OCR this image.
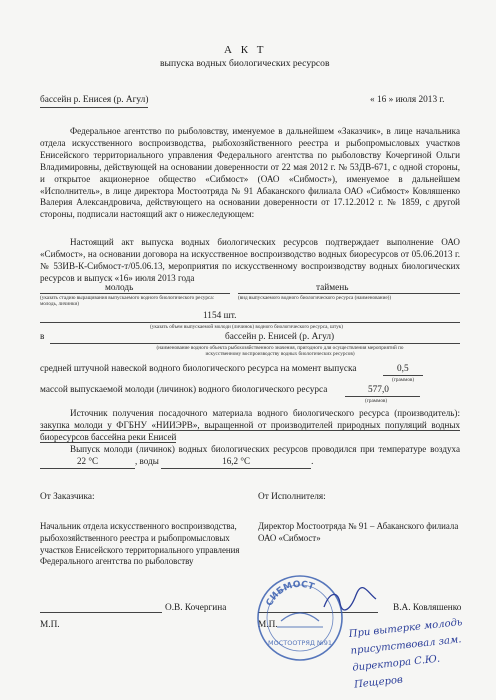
А К Т
выпуска водных биологических ресурсов
бассейн р. Енисея (р. Агул)	« 16 » июля 2013 г.
Федеральное агентство по рыболовству, именуемое в дальнейшем «Заказчик», в лице начальника отдела искусственного воспроизводства, рыбохозяйственного реестра и рыбопромысловых участков Енисейского территориального управления Федерального агентства по рыболовству Кочергиной Ольги Владимировны, действующей на основании доверенности от 22 мая 2012 г. № 53ДВ-671, с одной стороны, и открытое акционерное общество «Сибмост» (ОАО «Сибмост»), именуемое в дальнейшем «Исполнитель», в лице директора Мостоотряда № 91 Абаканского филиала ОАО «Сибмост» Ковляшенко Валерия Александровича, действующего на основании доверенности от 17.12.2012 г. № 1859, с другой стороны, подписали настоящий акт о нижеследующем:
Настоящий акт выпуска водных биологических ресурсов подтверждает выполнение ОАО «Сибмост», на основании договора на искусственное воспроизводство водных биоресурсов от 05.06.2013 г. № 53ИВ-К-Сибмост-т/05.06.13, мероприятия по искусственному воспроизводству водных биологических ресурсов и выпуск «16» июля 2013 года
молодь	таймень
(указать стадию выращивания выпускаемого водного биологического ресурса: молодь, личинки)
(вид выпускаемого водного биологического ресурса (наименование))
1154 шт.
(указать объем выпускаемой молоди (личинок) водного биологического ресурса, штук)
в	бассейн р. Енисей (р. Агул)
(наименование водного объекта рыбохозяйственного значения, пригодного для осуществления мероприятий по искусственному воспроизводству водных биологических ресурсов)
средней штучной навеской водного биологического ресурса на момент выпуска	0,5
(граммов)
массой выпускаемой молоди (личинок) водного биологического ресурса	577,0
(граммов)
Источник получения посадочного материала водного биологического ресурса (производитель): закупка молоди у ФГБНУ «НИИЭРВ», выращенной от производителей природных популяций водных биоресурсов бассейна реки Енисей
Выпуск молоди (личинок) водных биологических ресурсов проводился при температуре воздуха 22 °С	, воды	16,2 °С	.
От Заказчика:	От Исполнителя:
Начальник отдела искусственного воспроизводства, рыбохозяйственного реестра и рыбопромысловых участков Енисейского территориального управления Федерального агентства по рыболовству
Директор Мостоотряда № 91 – Абаканского филиала ОАО «Сибмост»
О.В. Кочергина
М.П.
В.А. Ковляшенко
М.П.
СИБМОСТ
МОСТООТРЯД №91
При вытерке молодь присутствовал зам. директора С.Ю. Пещеров
